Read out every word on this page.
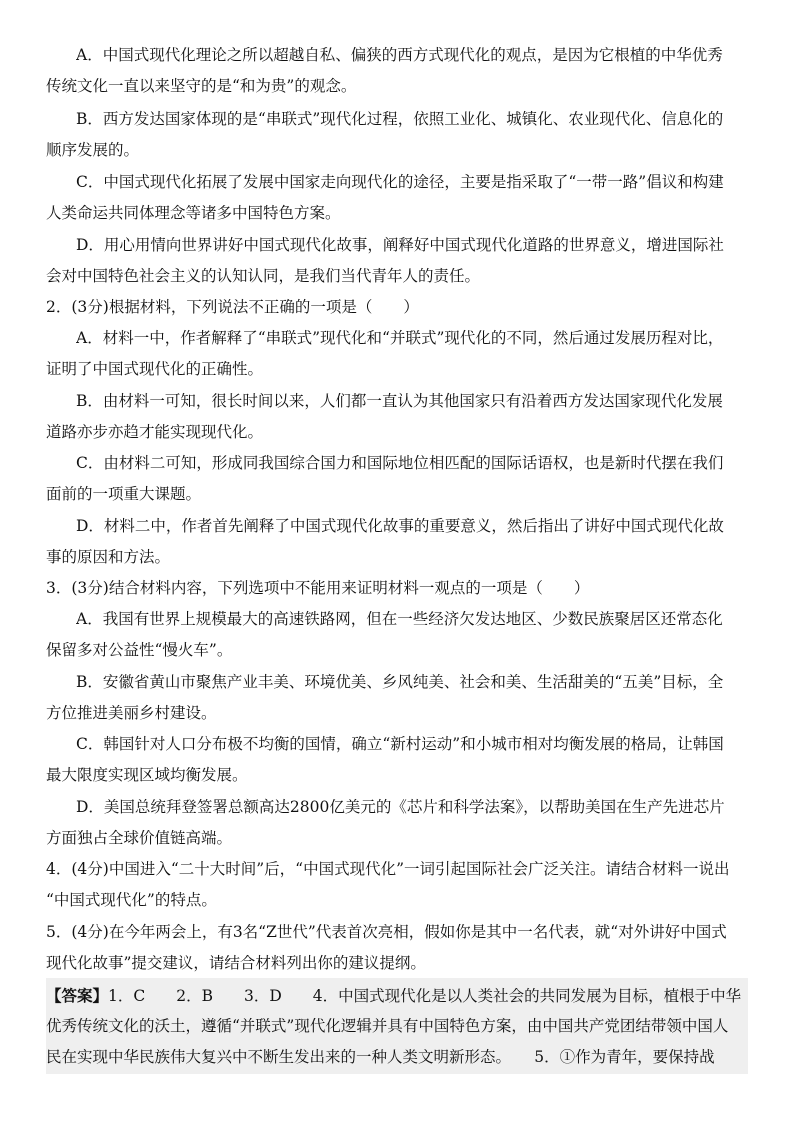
A．中国式现代化理论之所以超越自私、偏狭的西方式现代化的观点，是因为它根植的中华优秀
传统文化一直以来坚守的是“和为贵”的观念。
B．西方发达国家体现的是“串联式”现代化过程，依照工业化、城镇化、农业现代化、信息化的
顺序发展的。
C．中国式现代化拓展了发展中国家走向现代化的途径，主要是指采取了“一带一路”倡议和构建
人类命运共同体理念等诸多中国特色方案。
D．用心用情向世界讲好中国式现代化故事，阐释好中国式现代化道路的世界意义，增进国际社
会对中国特色社会主义的认知认同，是我们当代青年人的责任。
2．(3分)根据材料，下列说法不正确的一项是（　　）
A．材料一中，作者解释了“串联式”现代化和“并联式”现代化的不同，然后通过发展历程对比，
证明了中国式现代化的正确性。
B．由材料一可知，很长时间以来，人们都一直认为其他国家只有沿着西方发达国家现代化发展
道路亦步亦趋才能实现现代化。
C．由材料二可知，形成同我国综合国力和国际地位相匹配的国际话语权，也是新时代摆在我们
面前的一项重大课题。
D．材料二中，作者首先阐释了中国式现代化故事的重要意义，然后指出了讲好中国式现代化故
事的原因和方法。
3．(3分)结合材料内容，下列选项中不能用来证明材料一观点的一项是（　　）
A．我国有世界上规模最大的高速铁路网，但在一些经济欠发达地区、少数民族聚居区还常态化
保留多对公益性“慢火车”。
B．安徽省黄山市聚焦产业丰美、环境优美、乡风纯美、社会和美、生活甜美的“五美”目标，全
方位推进美丽乡村建设。
C．韩国针对人口分布极不均衡的国情，确立“新村运动”和小城市相对均衡发展的格局，让韩国
最大限度实现区域均衡发展。
D．美国总统拜登签署总额高达2800亿美元的《芯片和科学法案》，以帮助美国在生产先进芯片
方面独占全球价值链高端。
4．(4分)中国进入“二十大时间”后，“中国式现代化”一词引起国际社会广泛关注。请结合材料一说出
“中国式现代化”的特点。
5．(4分)在今年两会上，有3名“Z世代”代表首次亮相，假如你是其中一名代表，就“对外讲好中国式
现代化故事”提交建议，请结合材料列出你的建议提纲。
【答案】1．C　　2．B　　3．D　　4．中国式现代化是以人类社会的共同发展为目标，植根于中华
优秀传统文化的沃土，遵循“并联式”现代化逻辑并具有中国特色方案，由中国共产党团结带领中国人
民在实现中华民族伟大复兴中不断生发出来的一种人类文明新形态。　　5．①作为青年，要保持战
